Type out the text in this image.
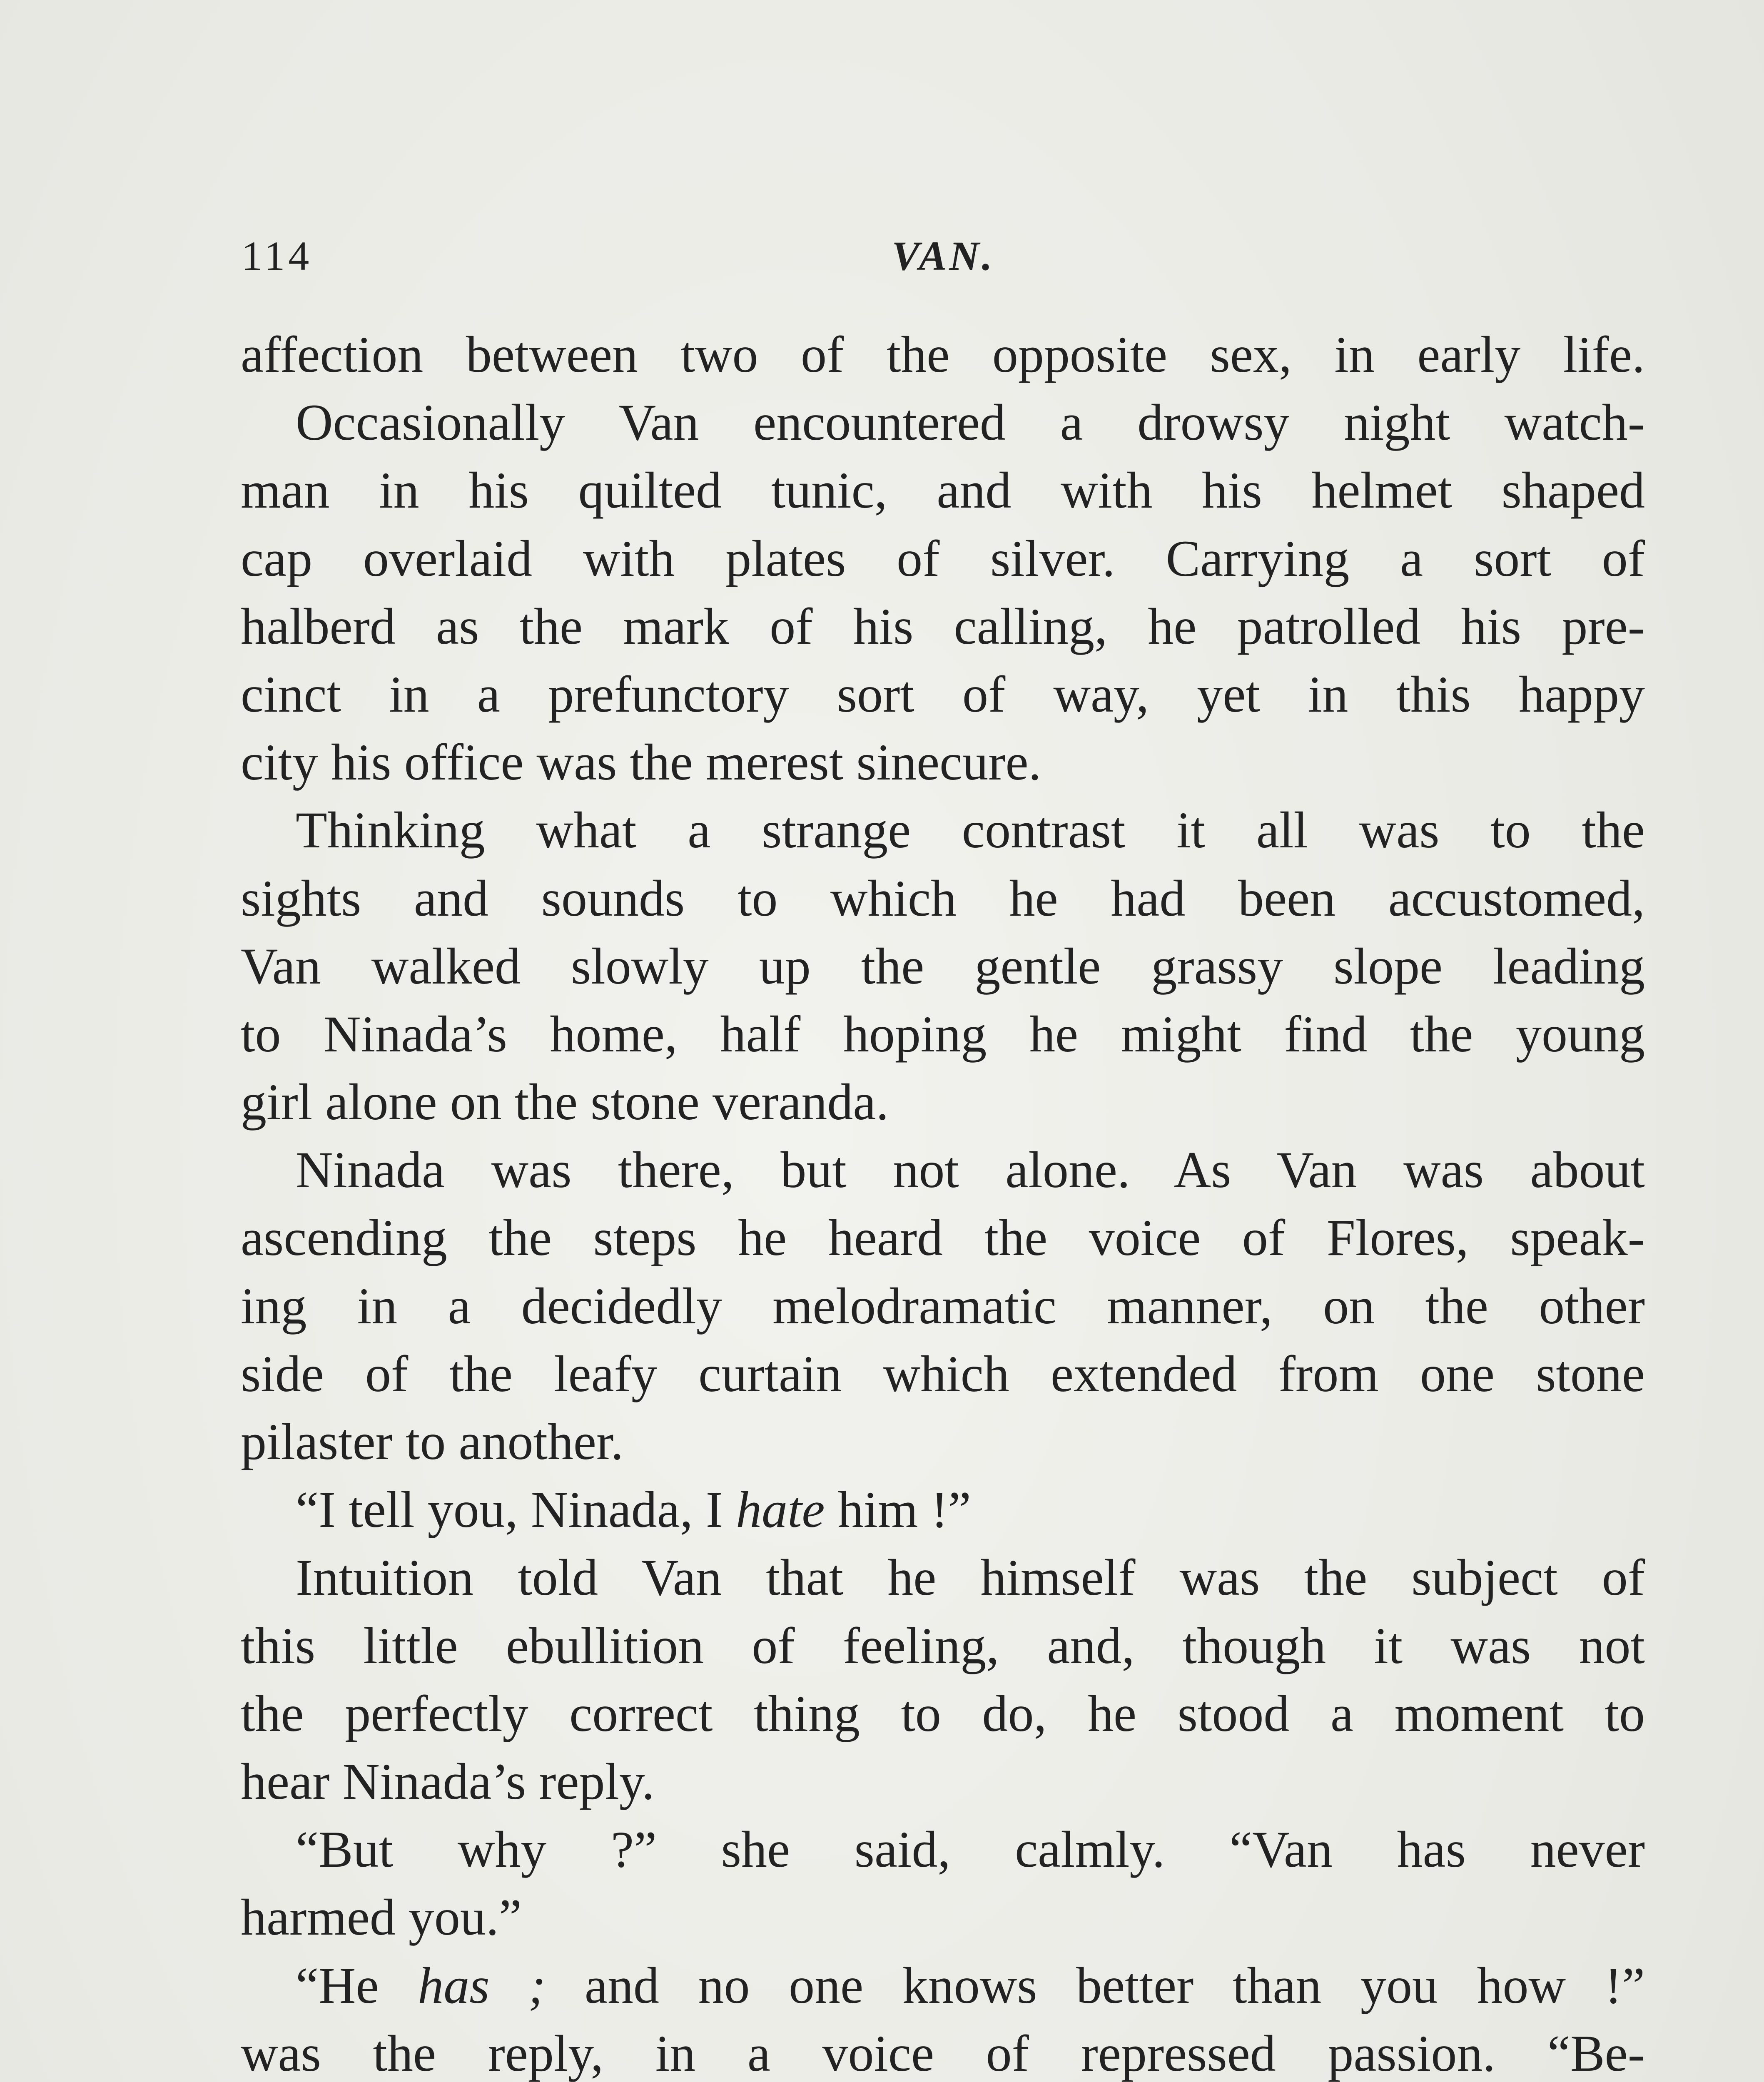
114	VAN.
affection between two of the opposite sex, in early life.
Occasionally Van encountered a drowsy night watch-
man in his quilted tunic, and with his helmet shaped
cap overlaid with plates of silver. Carrying a sort of
halberd as the mark of his calling, he patrolled his pre-
cinct in a prefunctory sort of way, yet in this happy
city his office was the merest sinecure.
Thinking what a strange contrast it all was to the
sights and sounds to which he had been accustomed,
Van walked slowly up the gentle grassy slope leading
to Ninada’s home, half hoping he might find the young
girl alone on the stone veranda.
Ninada was there, but not alone. As Van was about
ascending the steps he heard the voice of Flores, speak-
ing in a decidedly melodramatic manner, on the other
side of the leafy curtain which extended from one stone
pilaster to another.
“I tell you, Ninada, I hate him !”
Intuition told Van that he himself was the subject of
this little ebullition of feeling, and, though it was not
the perfectly correct thing to do, he stood a moment to
hear Ninada’s reply.
“But why ?” she said, calmly. “Van has never
harmed you.”
“He has ; and no one knows better than you how !”
was the reply, in a voice of repressed passion. “Be-
